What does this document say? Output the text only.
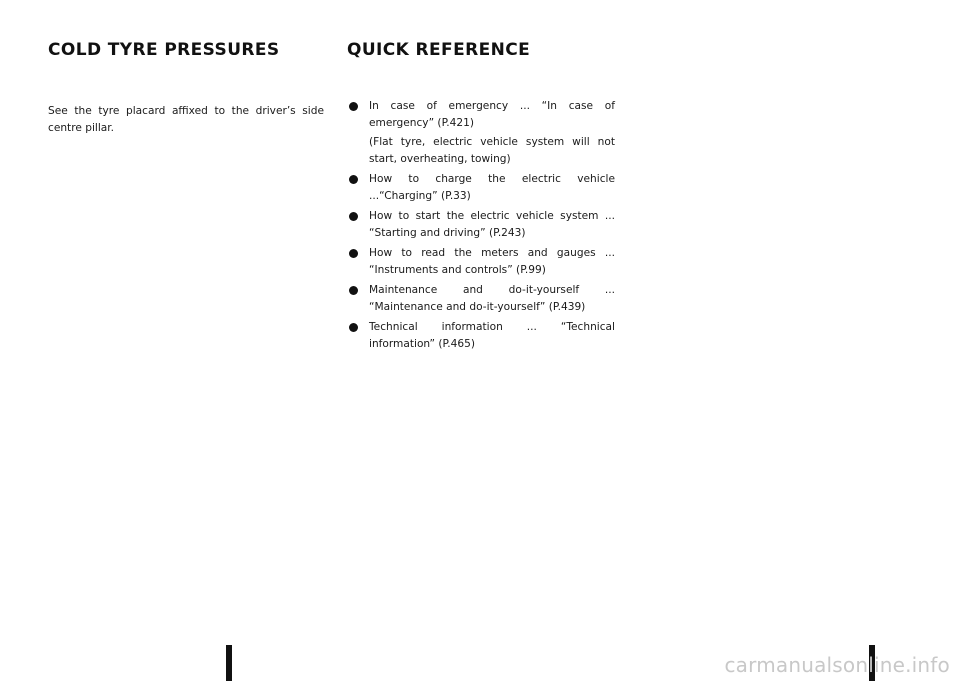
COLD TYRE PRESSURES	QUICK REFERENCE

See the tyre placard affixed to the driver’s side centre pillar.

In case of emergency ... “In case of emergency” (P.421)

(Flat tyre, electric vehicle system will not start, overheating, towing)

How to charge the electric vehicle ...“Charging” (P.33)

How to start the electric vehicle system ... “Starting and driving” (P.243)

How to read the meters and gauges ... “Instruments and controls” (P.99)

Maintenance and do-it-yourself ... “Maintenance and do-it-yourself” (P.439)

Technical information ... “Technical information” (P.465)

carmanualsonline.info
